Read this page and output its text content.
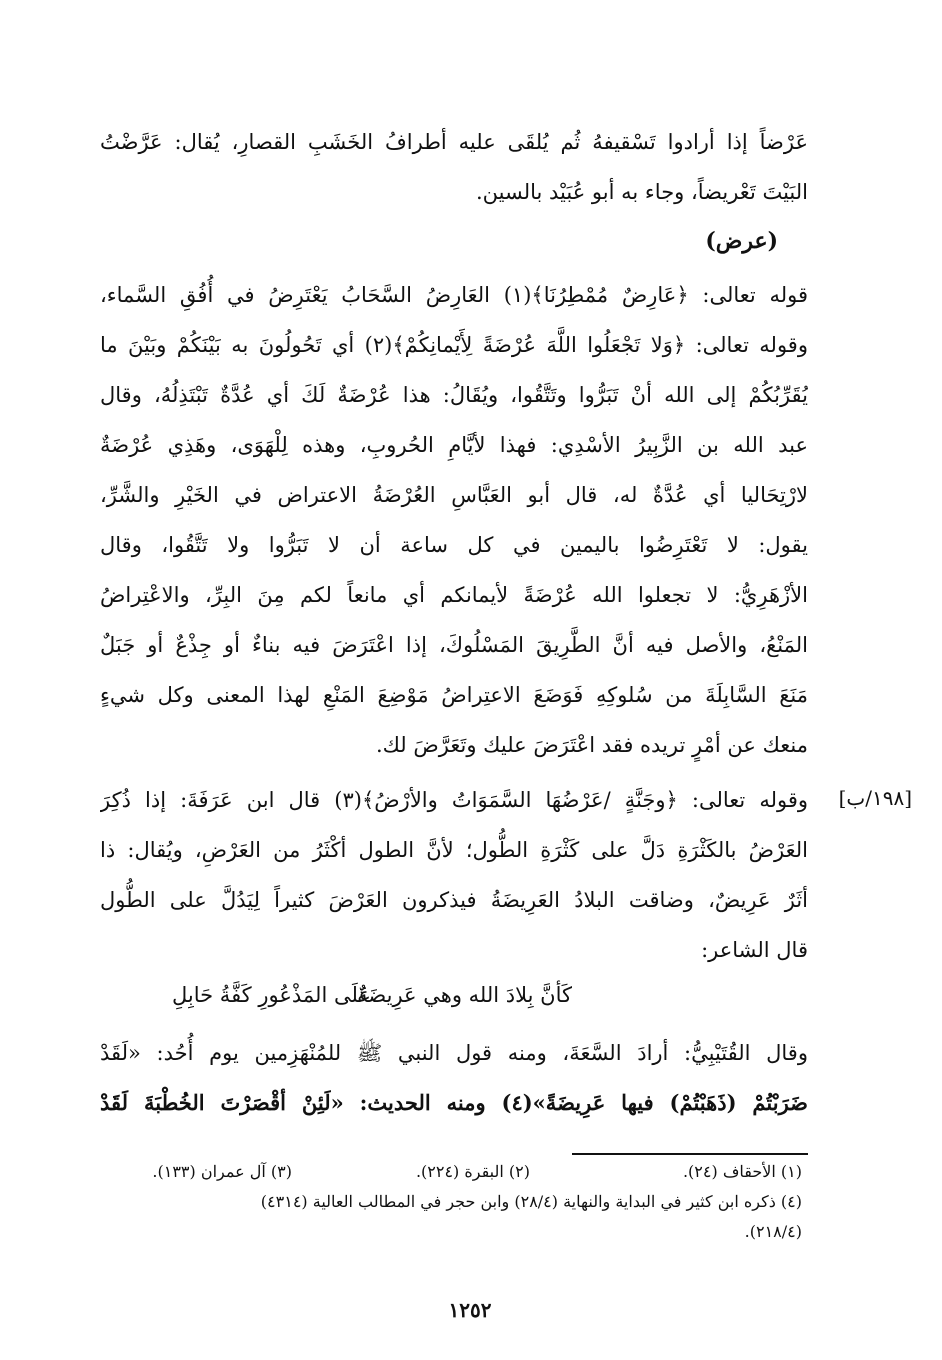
عَرْضاً إذا أرادوا تَسْقيفهُ ثُم يُلقَى عليه أطرافُ الخَشَبِ القصارِ، يُقال: عَرَّضْتُ
البَيْتَ تَعْريضاً، وجاء به أبو عُبَيْد بالسين.
(عرض)
قوله تعالى: ﴿عَارِضٌ مُمْطِرُنَا﴾(١) العَارِضُ السَّحَابُ يَعْتَرِضُ في أُفُقِ السَّماء،
وقوله تعالى: ﴿وَلا تَجْعَلُوا اللَّهَ عُرْضَةً لِأَيْمانِكُمْ﴾(٢) أي تَحُولُونَ به بَيْنَكُمْ وبَيْنَ ما
يُقَرِّبُكُمْ إلى الله أنْ تَبَرُّوا وتَتَّقُوا، ويُقَالُ: هذا عُرْضَةٌ لَكَ أي عُدَّةٌ تَبْتَذِلُهُ، وقال
عبد الله بن الزَّبِيرُ الأسْدِي: فهذا لأيَّامِ الحُروبِ، وهذه لِلْهَوَى، وهَذِي عُرْضَةٌ
لارْتِحَاليا أي عُدَّةٌ له، قال أبو العَبَّاسِ العُرْضَةُ الاعتراض في الخَيْرِ والشَّرِّ،
يقول: لا تَعْتَرِضُوا باليمين في كل ساعة أن لا تَبَرُّوا ولا تَتَّقُوا، وقال
الأزْهَرِيُّ: لا تجعلوا الله عُرْضَةً لأيمانكم أي مانعاً لكم مِنَ البِرِّ، والاعْتِراضُ
المَنْعُ، والأصل فيه أنَّ الطَّرِيقَ المَسْلُوكَ، إذا اعْتَرَضَ فيه بناءٌ أو جِذْعٌ أو جَبَلٌ
مَنَعَ السَّابِلَةَ من سُلوكِهِ فَوَضَعَ الاعتِراضُ مَوْضِعَ المَنْعِ لهذا المعنى وكل شيءٍ
منعك عن أمْرٍ تريده فقد اعْتَرَضَ عليك وتَعَرَّضَ لك.
[١٩٨/ب]
وقوله تعالى: ﴿وجَنَّةٍ /عَرْضُهَا السَّمَوَاتُ والأرْضُ﴾(٣) قال ابن عَرَفَةَ: إذا ذُكِرَ
العَرْضُ بالكَثْرَةِ دَلَّ على كَثْرَةِ الطُّول؛ لأنَّ الطول أكْثَرُ من العَرْضِ، ويُقال: ذا
أثَرٌ عَرِيضٌ، وضاقت البلادُ العَرِيضَةُ فيذكرون العَرْضَ كثيراً لِيَدُلَّ على الطُّول
قال الشاعر:
كَأنَّ بِلادَ الله وهي عَرِيضَةٌ
عَلَى المَذْعُورِ كَفَّةُ حَابِلِ
وقال القُتَيْبِيُّ: أرادَ السَّعَةَ، ومنه قول النبي ﷺ للمُنْهَزِمين يوم أُحُد: «لَقَدْ
ضَرَبْتُمْ (ذَهَبْتُمْ) فيها عَرِيضَةً»(٤) ومنه الحديث: «لَئِنْ أقْصَرْتَ الخُطْبَةَ لَقَدْ
(١) الأحقاف (٢٤).
(٢) البقرة (٢٢٤).
(٣) آل عمران (١٣٣).
(٤) ذكره ابن كثير في البداية والنهاية (٢٨/٤) وابن حجر في المطالب العالية (٤٣١٤)
(٢١٨/٤).
١٢٥٢
